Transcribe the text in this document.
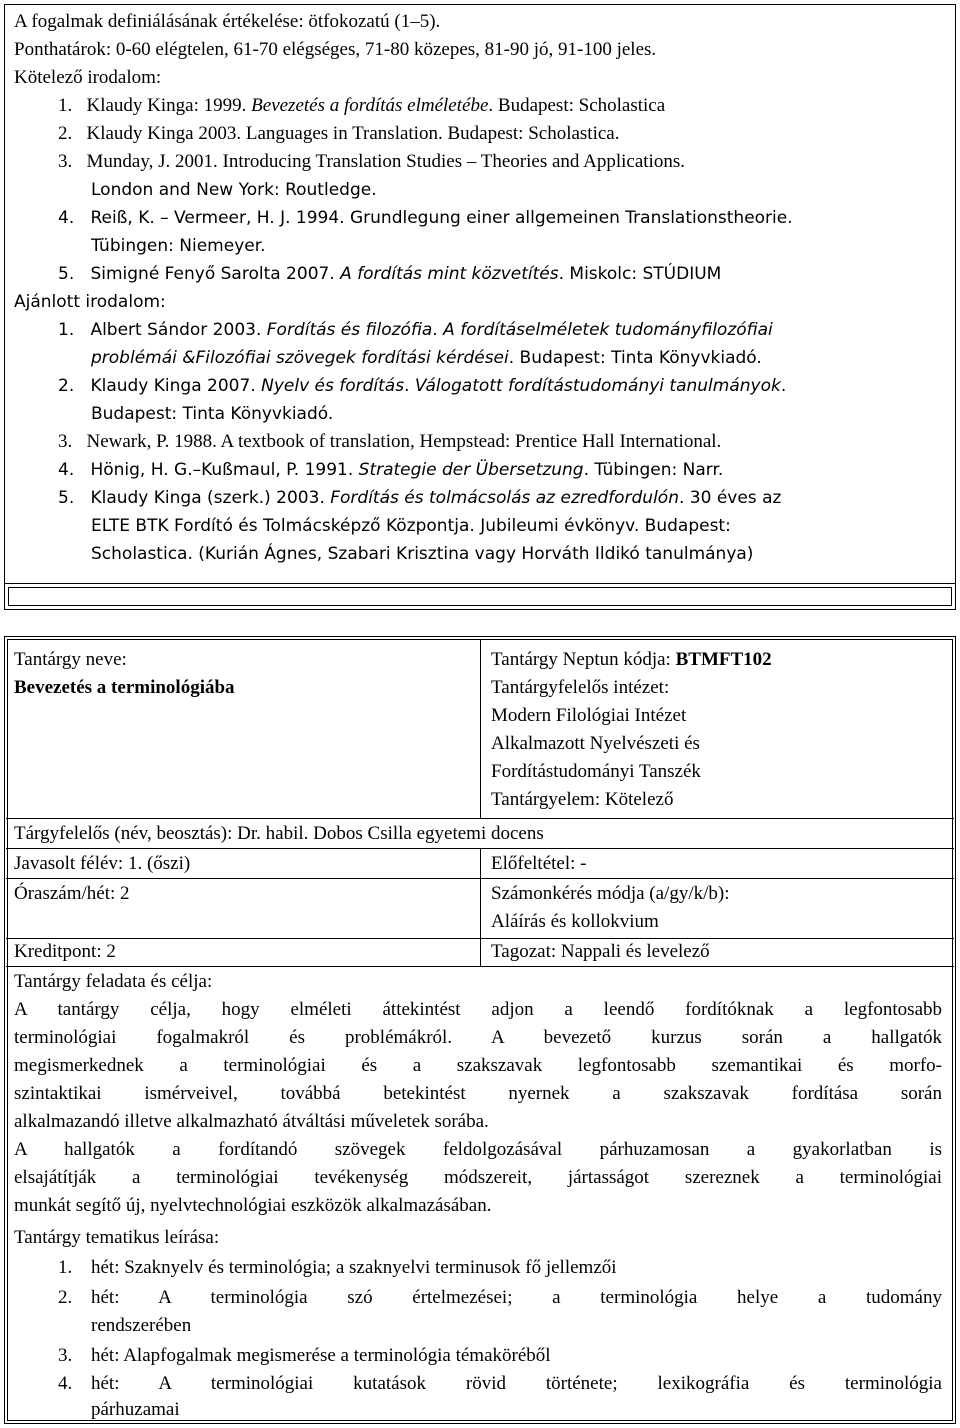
A fogalmak definiálásának értékelése: ötfokozatú (1–5).
Ponthatárok: 0-60 elégtelen, 61-70 elégséges, 71-80 közepes, 81-90 jó, 91-100 jeles.
Kötelező irodalom:
1. Klaudy Kinga: 1999. Bevezetés a fordítás elméletébe. Budapest: Scholastica
2. Klaudy Kinga 2003. Languages in Translation. Budapest: Scholastica.
3. Munday, J. 2001. Introducing Translation Studies – Theories and Applications.
London and New York: Routledge.
4. Reiß, K. – Vermeer, H. J. 1994. Grundlegung einer allgemeinen Translationstheorie.
Tübingen: Niemeyer.
5. Simigné Fenyő Sarolta 2007. A fordítás mint közvetítés. Miskolc: STÚDIUM
Ajánlott irodalom:
1. Albert Sándor 2003. Fordítás és filozófia. A fordításelméletek tudományfilozófiai
problémái &Filozófiai szövegek fordítási kérdései. Budapest: Tinta Könyvkiadó.
2. Klaudy Kinga 2007. Nyelv és fordítás. Válogatott fordítástudományi tanulmányok.
Budapest: Tinta Könyvkiadó.
3. Newark, P. 1988. A textbook of translation, Hempstead: Prentice Hall International.
4. Hönig, H. G.–Kußmaul, P. 1991. Strategie der Übersetzung. Tübingen: Narr.
5. Klaudy Kinga (szerk.) 2003. Fordítás és tolmácsolás az ezredfordulón. 30 éves az
ELTE BTK Fordító és Tolmácsképző Központja. Jubileumi évkönyv. Budapest:
Scholastica. (Kurián Ágnes, Szabari Krisztina vagy Horváth Ildikó tanulmánya)
Tantárgy neve:
Bevezetés a terminológiába
Tantárgy Neptun kódja: BTMFT102
Tantárgyfelelős intézet:
Modern Filológiai Intézet
Alkalmazott Nyelvészeti és
Fordítástudományi Tanszék
Tantárgyelem: Kötelező
Tárgyfelelős (név, beosztás): Dr. habil. Dobos Csilla egyetemi docens
Javasolt félév: 1. (őszi)	Előfeltétel: -
Óraszám/hét: 2	Számonkérés módja (a/gy/k/b):
Aláírás és kollokvium
Kreditpont: 2	Tagozat: Nappali és levelező
Tantárgy feladata és célja:
A tantárgy célja, hogy elméleti áttekintést adjon a leendő fordítóknak a legfontosabb
terminológiai fogalmakról és problémákról. A bevezető kurzus során a hallgatók
megismerkednek a terminológiai és a szakszavak legfontosabb szemantikai és morfo-
szintaktikai ismérveivel, továbbá betekintést nyernek a szakszavak fordítása során
alkalmazandó illetve alkalmazható átváltási műveletek sorába.
A hallgatók a fordítandó szövegek feldolgozásával párhuzamosan a gyakorlatban is
elsajátítják a terminológiai tevékenység módszereit, jártasságot szereznek a terminológiai
munkát segítő új, nyelvtechnológiai eszközök alkalmazásában.
Tantárgy tematikus leírása:
1. hét: Szaknyelv és terminológia; a szaknyelvi terminusok fő jellemzői
2. hét: A terminológia szó értelmezései; a terminológia helye a tudomány
rendszerében
3. hét: Alapfogalmak megismerése a terminológia témaköréből
4. hét: A terminológiai kutatások rövid története; lexikográfia és terminológia
párhuzamai
